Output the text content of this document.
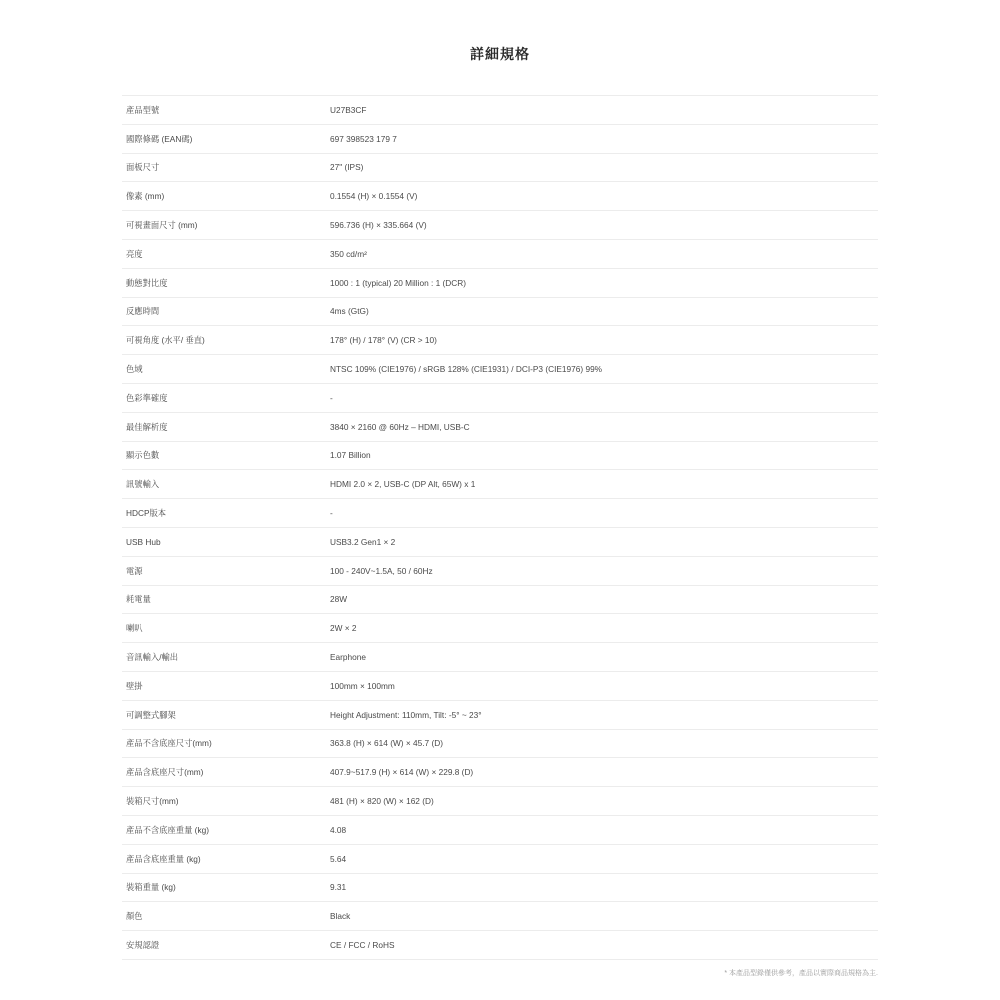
詳細規格
產品型號	U27B3CF
國際條碼 (EAN碼)	697 398523 179 7
面板尺寸	27" (IPS)
像素 (mm)	0.1554 (H) × 0.1554 (V)
可視畫面尺寸 (mm)	596.736 (H) × 335.664 (V)
亮度	350 cd/m²
動態對比度	1000 : 1 (typical) 20 Million : 1 (DCR)
反應時間	4ms (GtG)
可視角度 (水平/ 垂直)	178° (H) / 178° (V) (CR > 10)
色域	NTSC 109% (CIE1976) / sRGB 128% (CIE1931) / DCI-P3 (CIE1976) 99%
色彩準確度	-
最佳解析度	3840 × 2160 @ 60Hz – HDMI, USB-C
顯示色數	1.07 Billion
訊號輸入	HDMI 2.0 × 2, USB-C (DP Alt, 65W) x 1
HDCP版本	-
USB Hub	USB3.2 Gen1 × 2
電源	100 - 240V~1.5A, 50 / 60Hz
耗電量	28W
喇叭	2W × 2
音訊輸入/輸出	Earphone
壁掛	100mm × 100mm
可調整式腳架	Height Adjustment: 110mm, Tilt: -5° ~ 23°
產品不含底座尺寸(mm)	363.8 (H) × 614 (W) × 45.7 (D)
產品含底座尺寸(mm)	407.9~517.9 (H) × 614 (W) × 229.8 (D)
裝箱尺寸(mm)	481 (H) × 820 (W) × 162 (D)
產品不含底座重量 (kg)	4.08
產品含底座重量 (kg)	5.64
裝箱重量 (kg)	9.31
顏色	Black
安規認證	CE / FCC / RoHS
* 本產品型錄僅供參考，產品以實際商品規格為主.
